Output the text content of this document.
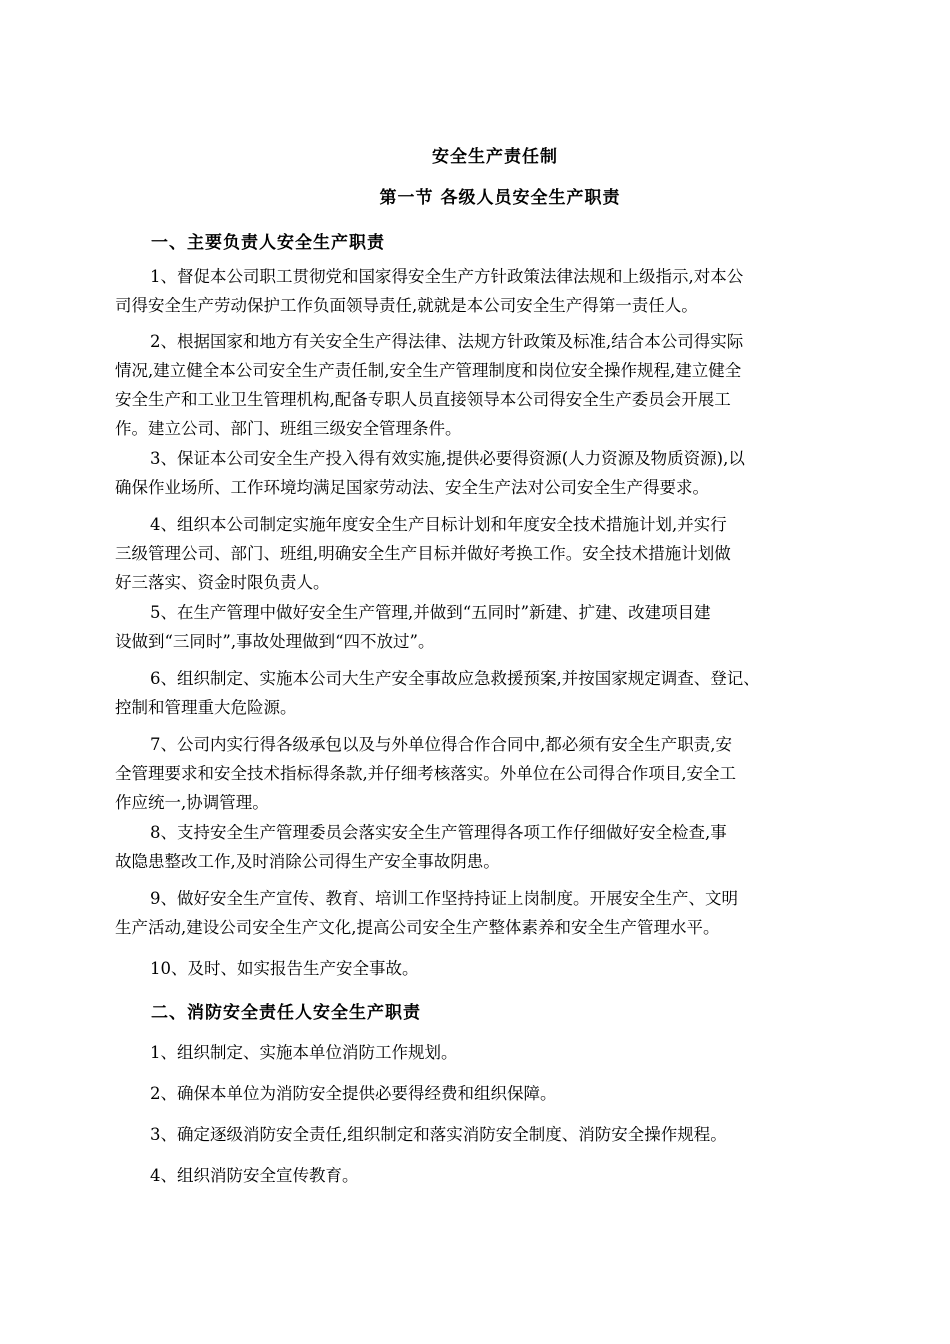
安全生产责任制
第一节 各级人员安全生产职责
一、主要负责人安全生产职责
1、督促本公司职工贯彻党和国家得安全生产方针政策法律法规和上级指示,对本公
司得安全生产劳动保护工作负面领导责任,就就是本公司安全生产得第一责任人。
2、根据国家和地方有关安全生产得法律、法规方针政策及标准,结合本公司得实际
情况,建立健全本公司安全生产责任制,安全生产管理制度和岗位安全操作规程,建立健全
安全生产和工业卫生管理机构,配备专职人员直接领导本公司得安全生产委员会开展工
作。建立公司、部门、班组三级安全管理条件。
3、保证本公司安全生产投入得有效实施,提供必要得资源(人力资源及物质资源),以
确保作业场所、工作环境均满足国家劳动法、安全生产法对公司安全生产得要求。
4、组织本公司制定实施年度安全生产目标计划和年度安全技术措施计划,并实行
三级管理公司、部门、班组,明确安全生产目标并做好考换工作。安全技术措施计划做
好三落实、资金时限负责人。
5、在生产管理中做好安全生产管理,并做到“五同时”新建、扩建、改建项目建
设做到“三同时”,事故处理做到“四不放过”。
6、组织制定、实施本公司大生产安全事故应急救援预案,并按国家规定调查、登记、
控制和管理重大危险源。
7、公司内实行得各级承包以及与外单位得合作合同中,都必须有安全生产职责,安
全管理要求和安全技术指标得条款,并仔细考核落实。外单位在公司得合作项目,安全工
作应统一,协调管理。
8、支持安全生产管理委员会落实安全生产管理得各项工作仔细做好安全检查,事
故隐患整改工作,及时消除公司得生产安全事故阴患。
9、做好安全生产宣传、教育、培训工作坚持持证上岗制度。开展安全生产、文明
生产活动,建设公司安全生产文化,提高公司安全生产整体素养和安全生产管理水平。
10、及时、如实报告生产安全事故。
二、消防安全责任人安全生产职责
1、组织制定、实施本单位消防工作规划。
2、确保本单位为消防安全提供必要得经费和组织保障。
3、确定逐级消防安全责任,组织制定和落实消防安全制度、消防安全操作规程。
4、组织消防安全宣传教育。
